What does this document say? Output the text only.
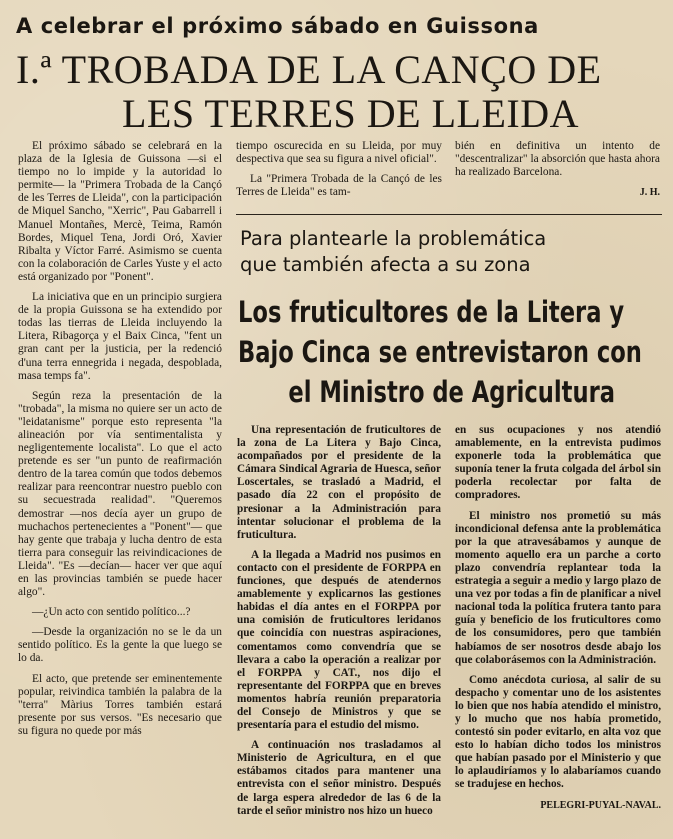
A celebrar el próximo sábado en Guissona
I.ª TROBADA DE LA CANÇO DE
LES TERRES DE LLEIDA

El próximo sábado se celebrará en la plaza de la Iglesia de Guissona —si el tiempo no lo impide y la autoridad lo permite— la "Primera Trobada de la Cançó de les Terres de Lleida", con la participación de Miquel Sancho, "Xerric", Pau Gabarrell i Manuel Montañes, Mercè, Teima, Ramón Bordes, Miquel Tena, Jordi Oró, Xavier Ribalta y Víctor Farré. Asimismo se cuenta con la colaboración de Carles Yuste y el acto está organizado por "Ponent".

La iniciativa que en un principio surgiera de la propia Guissona se ha extendido por todas las tierras de Lleida incluyendo la Litera, Ribagorça y el Baix Cinca, "fent un gran cant per la justicia, per la redenció d'una terra ennegrida i negada, despoblada, masa temps fa".

Según reza la presentación de la "trobada", la misma no quiere ser un acto de "leidatanisme" porque esto representa "la alineación por vía sentimentalista y negligentemente localista". Lo que el acto pretende es ser "un punto de reafirmación dentro de la tarea común que todos debemos realizar para reencontrar nuestro pueblo con su secuestrada realidad". "Queremos demostrar —nos decía ayer un grupo de muchachos pertenecientes a "Ponent"— que hay gente que trabaja y lucha dentro de esta tierra para conseguir las reivindicaciones de Lleida". "Es —decían— hacer ver que aquí en las provincias también se puede hacer algo".

—¿Un acto con sentido político...?

—Desde la organización no se le da un sentido político. Es la gente la que luego se lo da.

El acto, que pretende ser eminentemente popular, reivindica también la palabra de la "terra" Màrius Torres también estará presente por sus versos. "Es necesario que su figura no quede por más

tiempo oscurecida en su Lleida, por muy despectiva que sea su figura a nivel oficial".

La "Primera Trobada de la Cançó de les Terres de Lleida" es tam-

bién en definitiva un intento de "descentralizar" la absorción que hasta ahora ha realizado Barcelona.

J. H.
Para plantearle la problemática
que también afecta a su zona
Los fruticultores de la Litera y
Bajo Cinca se entrevistaron con
el Ministro de Agricultura

Una representación de fruticultores de la zona de La Litera y Bajo Cinca, acompañados por el presidente de la Cámara Sindical Agraria de Huesca, señor Loscertales, se trasladó a Madrid, el pasado día 22 con el propósito de presionar a la Administración para intentar solucionar el problema de la fruticultura.

A la llegada a Madrid nos pusimos en contacto con el presidente de FORPPA en funciones, que después de atendernos amablemente y explicarnos las gestiones habidas el día antes en el FORPPA por una comisión de fruticultores leridanos que coincidía con nuestras aspiraciones, comentamos como convendría que se llevara a cabo la operación a realizar por el FORPPA y CAT., nos dijo el representante del FORPPA que en breves momentos habría reunión preparatoria del Consejo de Ministros y que se presentaría para el estudio del mismo.

A continuación nos trasladamos al Ministerio de Agricultura, en el que estábamos citados para mantener una entrevista con el señor ministro. Después de larga espera alrededor de las 6 de la tarde el señor ministro nos hizo un hueco

en sus ocupaciones y nos atendió amablemente, en la entrevista pudimos exponerle toda la problemática que suponía tener la fruta colgada del árbol sin poderla recolectar por falta de compradores.

El ministro nos prometió su más incondicional defensa ante la problemática por la que atravesábamos y aunque de momento aquello era un parche a corto plazo convendría replantear toda la estrategia a seguir a medio y largo plazo de una vez por todas a fin de planificar a nivel nacional toda la política frutera tanto para guía y beneficio de los fruticultores como de los consumidores, pero que también habíamos de ser nosotros desde abajo los que colaborásemos con la Administración.

Como anécdota curiosa, al salir de su despacho y comentar uno de los asistentes lo bien que nos había atendido el ministro, y lo mucho que nos había prometido, contestó sin poder evitarlo, en alta voz que esto lo habían dicho todos los ministros que habían pasado por el Ministerio y que lo aplaudiríamos y lo alabaríamos cuando se tradujese en hechos.

PELEGRI-PUYAL-NAVAL.
